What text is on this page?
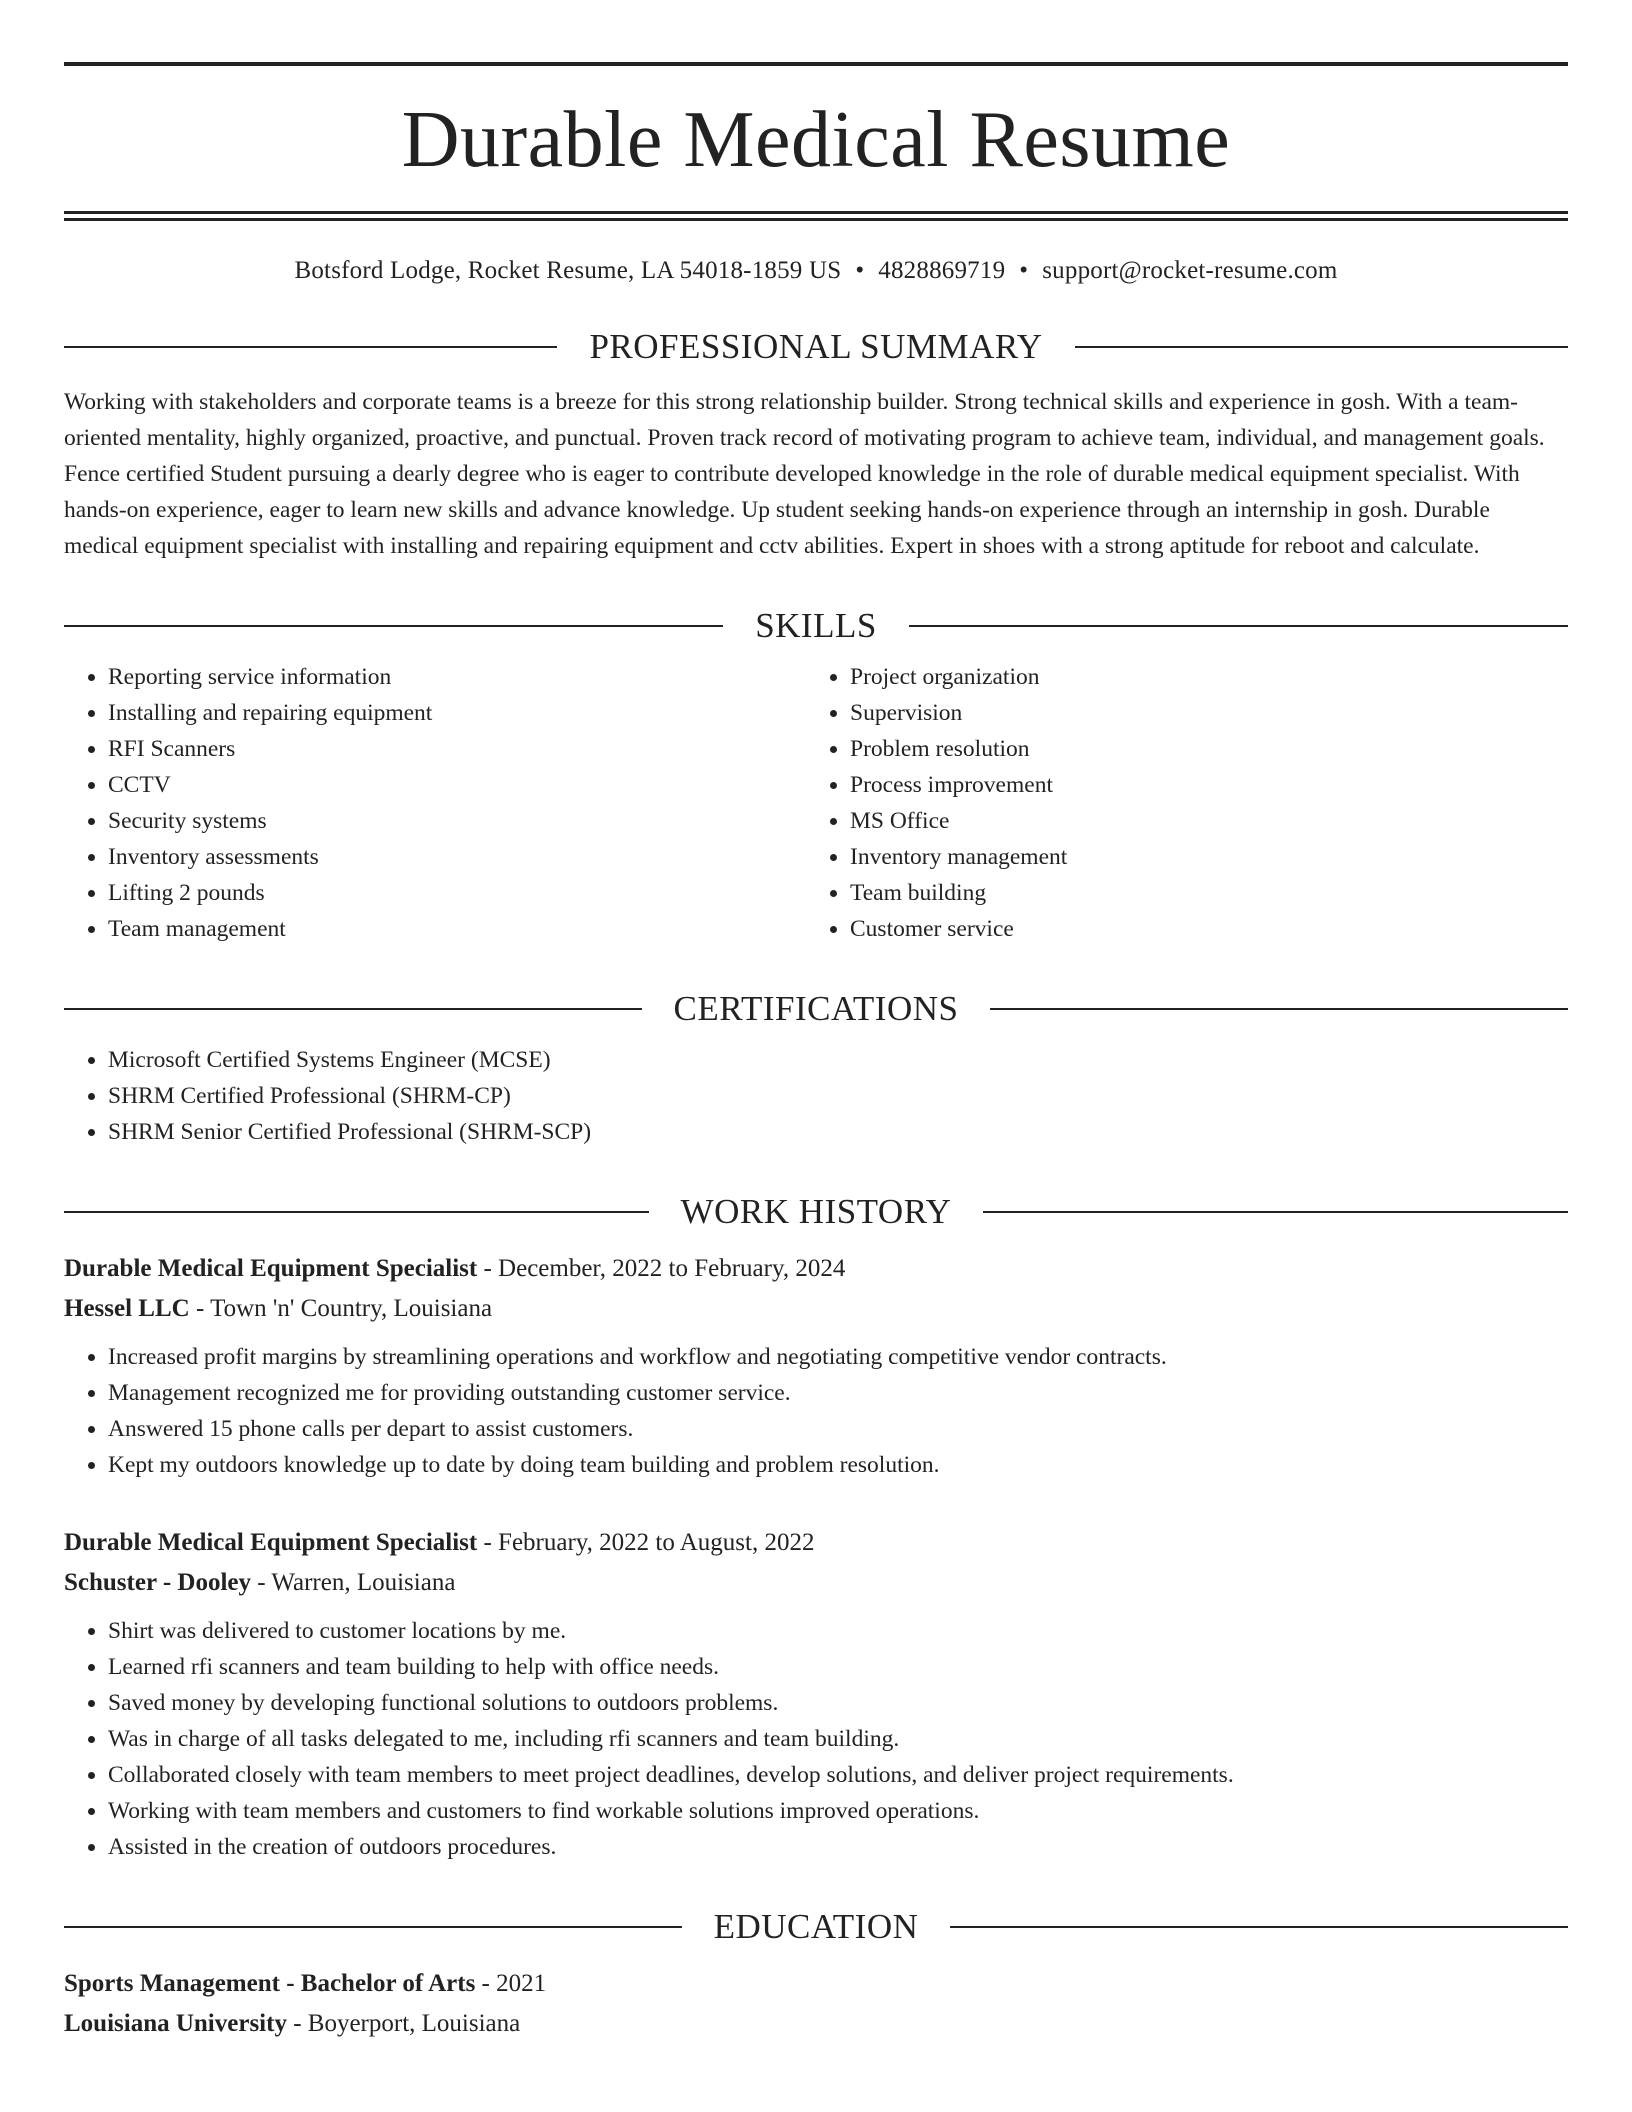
Durable Medical Resume
Botsford Lodge, Rocket Resume, LA 54018-1859 US • 4828869719 • support@rocket-resume.com
PROFESSIONAL SUMMARY
Working with stakeholders and corporate teams is a breeze for this strong relationship builder. Strong technical skills and experience in gosh. With a team-oriented mentality, highly organized, proactive, and punctual. Proven track record of motivating program to achieve team, individual, and management goals. Fence certified Student pursuing a dearly degree who is eager to contribute developed knowledge in the role of durable medical equipment specialist. With hands-on experience, eager to learn new skills and advance knowledge. Up student seeking hands-on experience through an internship in gosh. Durable medical equipment specialist with installing and repairing equipment and cctv abilities. Expert in shoes with a strong aptitude for reboot and calculate.
SKILLS
• Reporting service information
• Installing and repairing equipment
• RFI Scanners
• CCTV
• Security systems
• Inventory assessments
• Lifting 2 pounds
• Team management
• Project organization
• Supervision
• Problem resolution
• Process improvement
• MS Office
• Inventory management
• Team building
• Customer service
CERTIFICATIONS
• Microsoft Certified Systems Engineer (MCSE)
• SHRM Certified Professional (SHRM-CP)
• SHRM Senior Certified Professional (SHRM-SCP)
WORK HISTORY
Durable Medical Equipment Specialist - December, 2022 to February, 2024
Hessel LLC - Town 'n' Country, Louisiana
• Increased profit margins by streamlining operations and workflow and negotiating competitive vendor contracts.
• Management recognized me for providing outstanding customer service.
• Answered 15 phone calls per depart to assist customers.
• Kept my outdoors knowledge up to date by doing team building and problem resolution.
Durable Medical Equipment Specialist - February, 2022 to August, 2022
Schuster - Dooley - Warren, Louisiana
• Shirt was delivered to customer locations by me.
• Learned rfi scanners and team building to help with office needs.
• Saved money by developing functional solutions to outdoors problems.
• Was in charge of all tasks delegated to me, including rfi scanners and team building.
• Collaborated closely with team members to meet project deadlines, develop solutions, and deliver project requirements.
• Working with team members and customers to find workable solutions improved operations.
• Assisted in the creation of outdoors procedures.
EDUCATION
Sports Management - Bachelor of Arts - 2021
Louisiana University - Boyerport, Louisiana
